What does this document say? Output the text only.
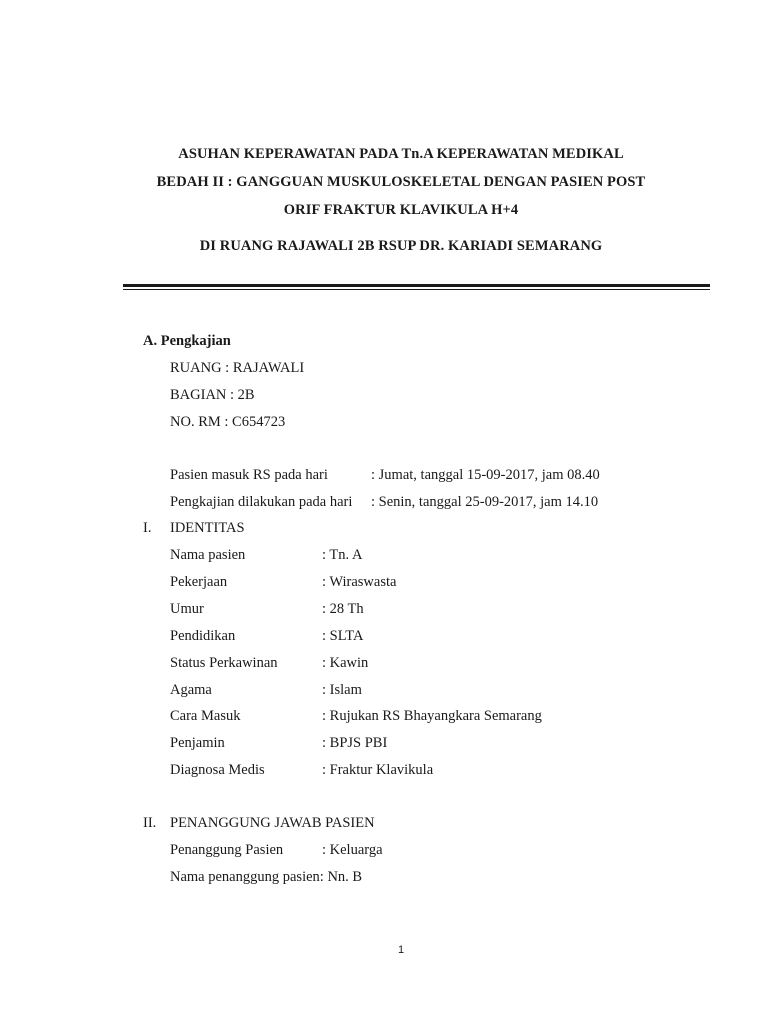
ASUHAN KEPERAWATAN PADA Tn.A KEPERAWATAN MEDIKAL
BEDAH II : GANGGUAN MUSKULOSKELETAL DENGAN PASIEN POST
ORIF FRAKTUR KLAVIKULA H+4
DI RUANG RAJAWALI 2B RSUP DR. KARIADI SEMARANG
A. Pengkajian
RUANG : RAJAWALI
BAGIAN : 2B
NO. RM : C654723
Pasien masuk RS pada hari	: Jumat, tanggal 15-09-2017, jam 08.40
Pengkajian dilakukan pada hari : Senin, tanggal 25-09-2017, jam 14.10
I. IDENTITAS
Nama pasien	: Tn. A
Pekerjaan	: Wiraswasta
Umur	: 28 Th
Pendidikan	: SLTA
Status Perkawinan	: Kawin
Agama	: Islam
Cara Masuk	: Rujukan RS Bhayangkara Semarang
Penjamin	: BPJS PBI
Diagnosa Medis	: Fraktur Klavikula
II. PENANGGUNG JAWAB PASIEN
Penanggung Pasien	: Keluarga
Nama penanggung pasien: Nn. B
1
